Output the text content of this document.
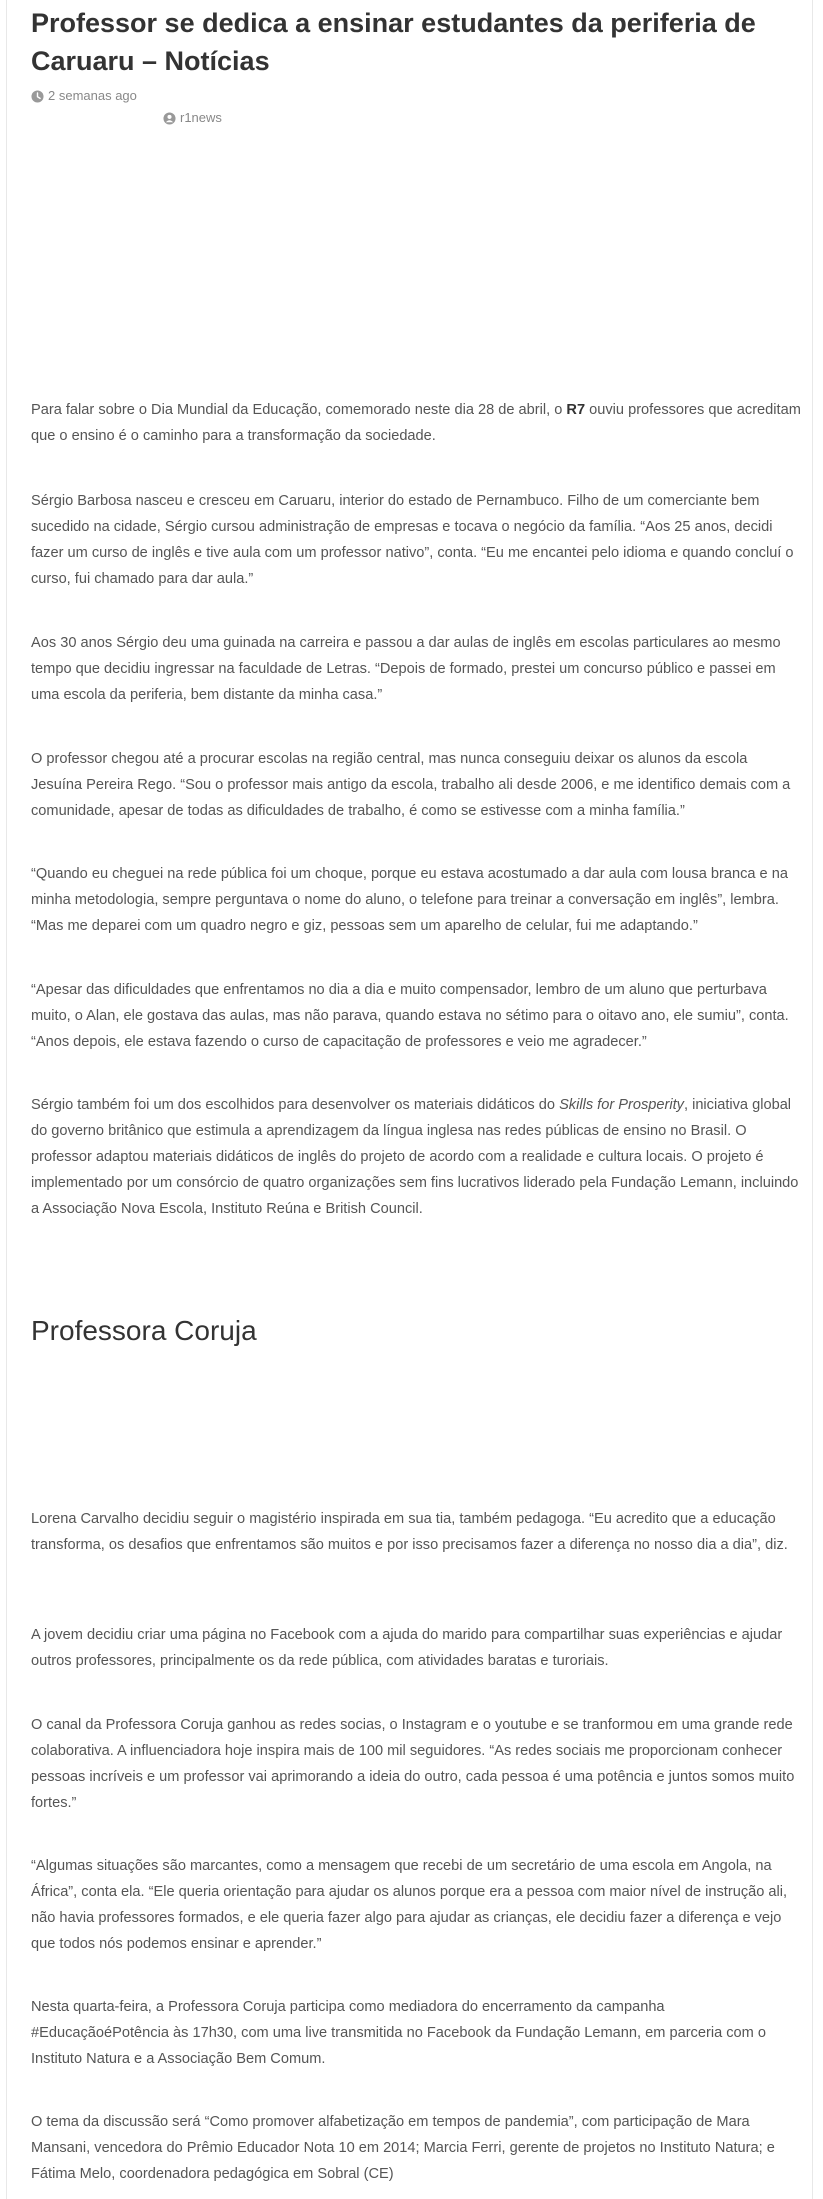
Professor se dedica a ensinar estudantes da periferia de Caruaru – Notícias
2 semanas ago
r1news

Para falar sobre o Dia Mundial da Educação, comemorado neste dia 28 de abril, o R7 ouviu professores que acreditam que o ensino é o caminho para a transformação da sociedade.

Sérgio Barbosa nasceu e cresceu em Caruaru, interior do estado de Pernambuco. Filho de um comerciante bem sucedido na cidade, Sérgio cursou administração de empresas e tocava o negócio da família. “Aos 25 anos, decidi fazer um curso de inglês e tive aula com um professor nativo”, conta. “Eu me encantei pelo idioma e quando concluí o curso, fui chamado para dar aula.”

Aos 30 anos Sérgio deu uma guinada na carreira e passou a dar aulas de inglês em escolas particulares ao mesmo tempo que decidiu ingressar na faculdade de Letras. “Depois de formado, prestei um concurso público e passei em uma escola da periferia, bem distante da minha casa.”

O professor chegou até a procurar escolas na região central, mas nunca conseguiu deixar os alunos da escola Jesuína Pereira Rego. “Sou o professor mais antigo da escola, trabalho ali desde 2006, e me identifico demais com a comunidade, apesar de todas as dificuldades de trabalho, é como se estivesse com a minha família.”

“Quando eu cheguei na rede pública foi um choque, porque eu estava acostumado a dar aula com lousa branca e na minha metodologia, sempre perguntava o nome do aluno, o telefone para treinar a conversação em inglês”, lembra. “Mas me deparei com um quadro negro e giz, pessoas sem um aparelho de celular, fui me adaptando.”

“Apesar das dificuldades que enfrentamos no dia a dia e muito compensador, lembro de um aluno que perturbava muito, o Alan, ele gostava das aulas, mas não parava, quando estava no sétimo para o oitavo ano, ele sumiu”, conta. “Anos depois, ele estava fazendo o curso de capacitação de professores e veio me agradecer.”

Sérgio também foi um dos escolhidos para desenvolver os materiais didáticos do Skills for Prosperity, iniciativa global do governo britânico que estimula a aprendizagem da língua inglesa nas redes públicas de ensino no Brasil. O professor adaptou materiais didáticos de inglês do projeto de acordo com a realidade e cultura locais. O projeto é implementado por um consórcio de quatro organizações sem fins lucrativos liderado pela Fundação Lemann, incluindo a Associação Nova Escola, Instituto Reúna e British Council.

Professora Coruja

Lorena Carvalho decidiu seguir o magistério inspirada em sua tia, também pedagoga. “Eu acredito que a educação transforma, os desafios que enfrentamos são muitos e por isso precisamos fazer a diferença no nosso dia a dia”, diz.

A jovem decidiu criar uma página no Facebook com a ajuda do marido para compartilhar suas experiências e ajudar outros professores, principalmente os da rede pública, com atividades baratas e turoriais.

O canal da Professora Coruja ganhou as redes socias, o Instagram e o youtube e se tranformou em uma grande rede colaborativa. A influenciadora hoje inspira mais de 100 mil seguidores. “As redes sociais me proporcionam conhecer pessoas incríveis e um professor vai aprimorando a ideia do outro, cada pessoa é uma potência e juntos somos muito fortes.”

“Algumas situações são marcantes, como a mensagem que recebi de um secretário de uma escola em Angola, na África”, conta ela. “Ele queria orientação para ajudar os alunos porque era a pessoa com maior nível de instrução ali, não havia professores formados, e ele queria fazer algo para ajudar as crianças, ele decidiu fazer a diferença e vejo que todos nós podemos ensinar e aprender.”

Nesta quarta-feira, a Professora Coruja participa como mediadora do encerramento da campanha #EducaçãoéPotência às 17h30, com uma live transmitida no Facebook da Fundação Lemann, em parceria com o Instituto Natura e a Associação Bem Comum.

O tema da discussão será “Como promover alfabetização em tempos de pandemia”, com participação de Mara Mansani, vencedora do Prêmio Educador Nota 10 em 2014; Marcia Ferri, gerente de projetos no Instituto Natura; e Fátima Melo, coordenadora pedagógica em Sobral (CE)
